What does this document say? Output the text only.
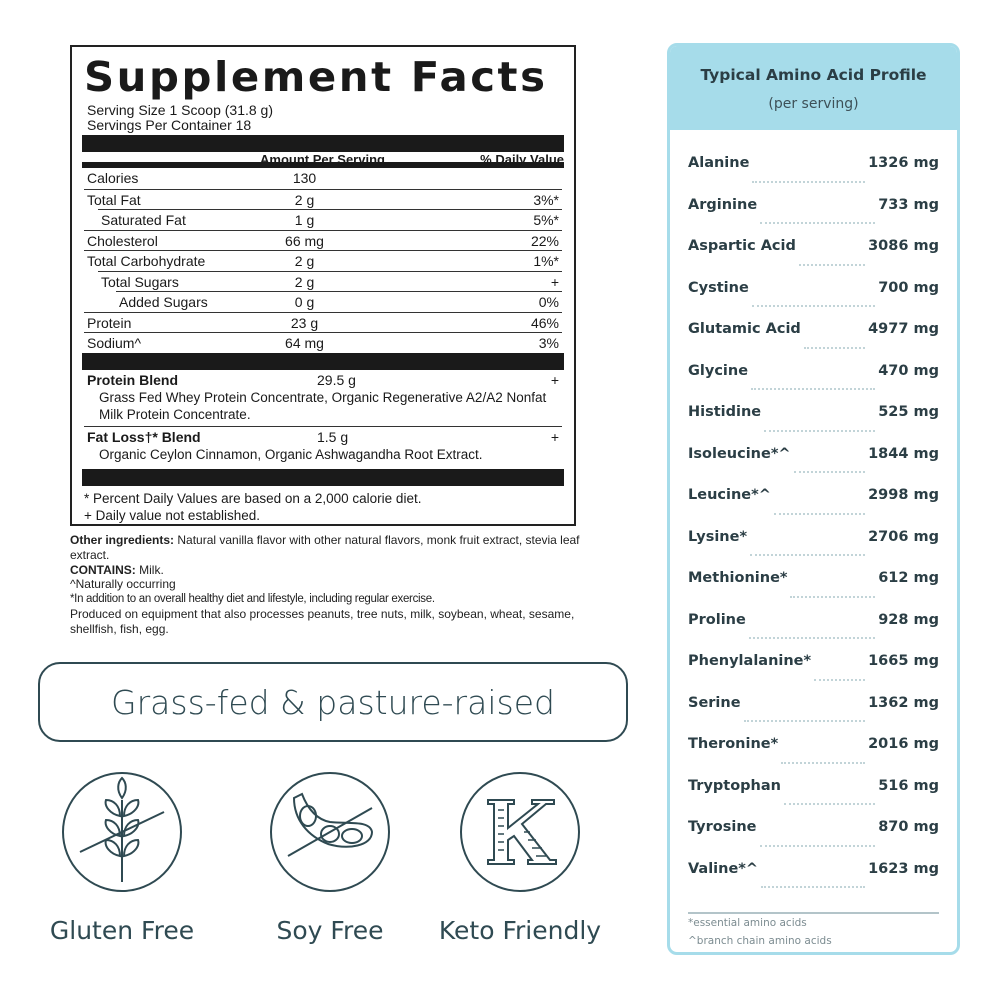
Supplement Facts
Serving Size 1 Scoop (31.8 g)
Servings Per Container 18
Amount Per Serving	% Daily Value
Calories	130
Total Fat	2 g	3%*
Saturated Fat	1 g	5%*
Cholesterol	66 mg	22%
Total Carbohydrate	2 g	1%*
Total Sugars	2 g	+
Added Sugars	0 g	0%
Protein	23 g	46%
Sodium^	64 mg	3%
Protein Blend	29.5 g	+
Grass Fed Whey Protein Concentrate, Organic Regenerative A2/A2 Nonfat Milk Protein Concentrate.
Fat Loss†* Blend	1.5 g	+
Organic Ceylon Cinnamon, Organic Ashwagandha Root Extract.
* Percent Daily Values are based on a 2,000 calorie diet.
+ Daily value not established.
Other ingredients: Natural vanilla flavor with other natural flavors, monk fruit extract, stevia leaf extract.
CONTAINS: Milk.
^Naturally occurring
*In addition to an overall healthy diet and lifestyle, including regular exercise.
Produced on equipment that also processes peanuts, tree nuts, milk, soybean, wheat, sesame, shellfish, fish, egg.
Grass-fed & pasture-raised
Gluten Free	Soy Free	Keto Friendly
Typical Amino Acid Profile
(per serving)
Alanine	1326 mg
Arginine	733 mg
Aspartic Acid	3086 mg
Cystine	700 mg
Glutamic Acid	4977 mg
Glycine	470 mg
Histidine	525 mg
Isoleucine*^	1844 mg
Leucine*^	2998 mg
Lysine*	2706 mg
Methionine*	612 mg
Proline	928 mg
Phenylalanine*	1665 mg
Serine	1362 mg
Theronine*	2016 mg
Tryptophan	516 mg
Tyrosine	870 mg
Valine*^	1623 mg
*essential amino acids
^branch chain amino acids
